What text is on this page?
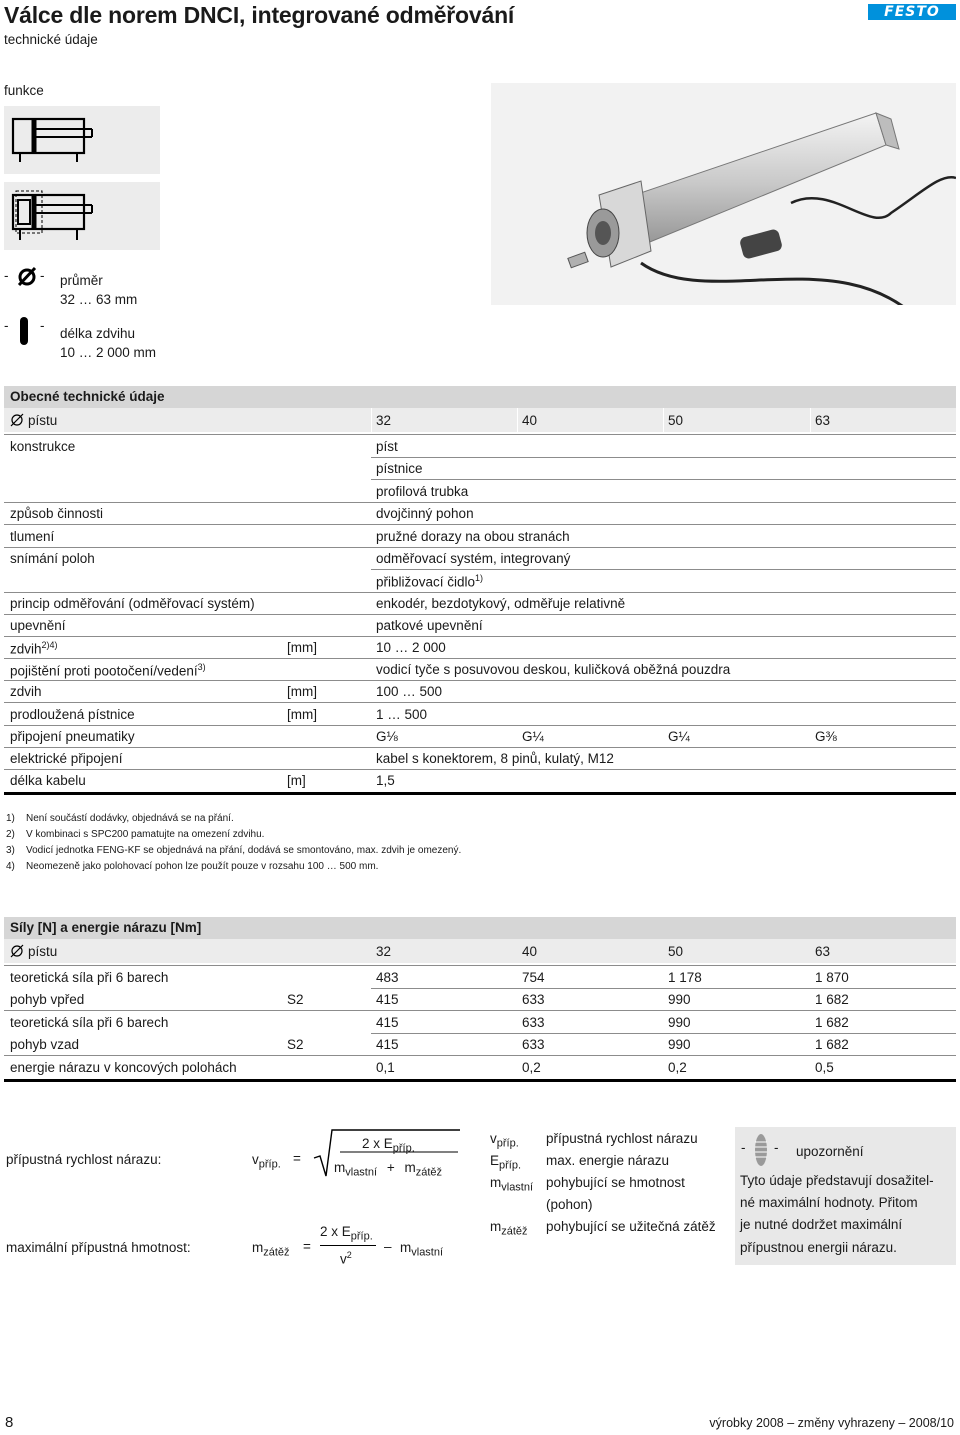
Válce dle norem DNCI, integrované odměřování
technické údaje
FESTO
funkce
- - průměr
32 … 63 mm
- -
délka zdvihu
10 … 2 000 mm
Obecné technické údaje
pístu	32	40	50	63
konstrukce	píst
pístnice
profilová trubka
způsob činnosti	dvojčinný pohon
tlumení	pružné dorazy na obou stranách
snímání poloh	odměřovací systém, integrovaný
přibližovací čidlo$^{1)}$
princip odměřování (odměřovací systém)	enkodér, bezdotykový, odměřuje relativně
upevnění	patkové upevnění
zdvih$^{2)4)}$	[mm]	10 … 2 000
pojištění proti pootočení/vedení$^{3)}$	vodicí tyče s posuvovou deskou, kuličková oběžná pouzdra
zdvih	[mm]	100 … 500
prodloužená pístnice	[mm]	1 … 500
připojení pneumatiky	G⅛	G¼	G¼	G⅜
elektrické připojení	kabel s konektorem, 8 pinů, kulatý, M12
délka kabelu	[m]	1,5
1) Není součástí dodávky, objednává se na přání.
2) V kombinaci s SPC200 pamatujte na omezení zdvihu.
3) Vodicí jednotka FENG-KF se objednává na přání, dodává se smontováno, max. zdvih je omezený.
4) Neomezeně jako polohovací pohon lze použít pouze v rozsahu 100 … 500 mm.
Síly [N] a energie nárazu [Nm]
pístu	32	40	50	63
teoretická síla při 6 barech	483	754	1 178	1 870
pohyb vpřed	S2	415	633	990	1 682
teoretická síla při 6 barech	415	633	990	1 682
pohyb vzad	S2	415	633	990	1 682
energie nárazu v koncových polohách	0,1	0,2	0,2	0,5
přípustná rychlost nárazu:	$v_{příp.}$ =
2 x $E_{příp.}$
$m_{vlastní} + m_{zátěž}$
maximální přípustná hmotnost:	$m_{zátěž}$ =
2 x $E_{příp.}$
$v^2$
– $m_{vlastní}$
$v_{příp.}$ přípustná rychlost nárazu
$E_{příp.}$ max. energie nárazu
$m_{vlastní}$ pohybující se hmotnost
(pohon)
$m_{zátěž}$ pohybující se užitečná zátěž
- - upozornění
Tyto údaje představují dosažitel-
né maximální hodnoty. Přitom
je nutné dodržet maximální
přípustnou energii nárazu.
8	výrobky 2008 – změny vyhrazeny – 2008/10
